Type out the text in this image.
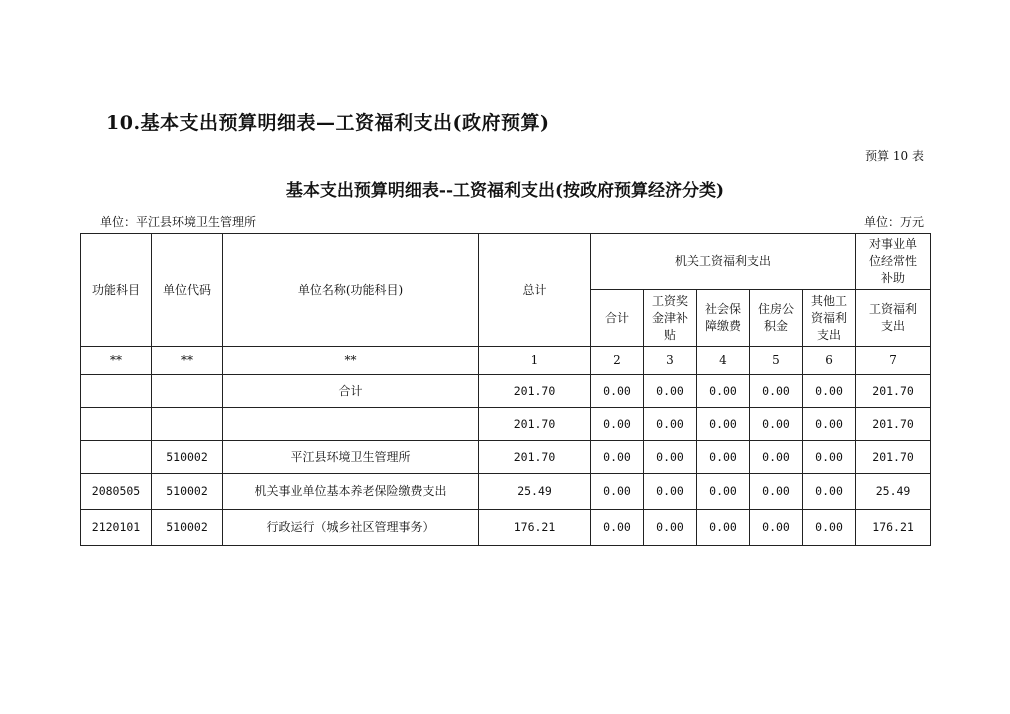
10.基本支出预算明细表—工资福利支出(政府预算)
预算 10 表
基本支出预算明细表--工资福利支出(按政府预算经济分类)
单位：平江县环境卫生管理所	单位：万元
功能科目	单位代码	单位名称(功能科目)	总计	机关工资福利支出					对事业单位经常性补助
				合计	工资奖金津补贴	社会保障缴费	住房公积金	其他工资福利支出	工资福利支出
**	**	**	1	2	3	4	5	6	7
		合计	201.70	0.00	0.00	0.00	0.00	0.00	201.70
			201.70	0.00	0.00	0.00	0.00	0.00	201.70
	510002	平江县环境卫生管理所	201.70	0.00	0.00	0.00	0.00	0.00	201.70
2080505	510002	机关事业单位基本养老保险缴费支出	25.49	0.00	0.00	0.00	0.00	0.00	25.49
2120101	510002	行政运行（城乡社区管理事务）	176.21	0.00	0.00	0.00	0.00	0.00	176.21
